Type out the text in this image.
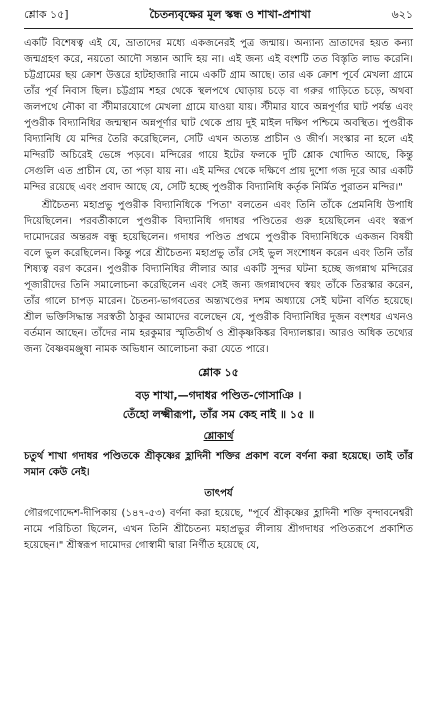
শ্লোক ১৫]	চৈতন্যবৃক্ষের মূল স্কন্ধ ও শাখা-প্রশাখা	৬২১

একটি বিশেষত্ব এই যে, ভ্রাতাদের মধ্যে একজনেরই পুত্র জন্মায়। অন্যান্য ভ্রাতাদের হয়ত কন্যা জন্মগ্রহণ করে, নয়তো আদৌ সন্তান আদি হয় না। এই জন্য এই বংশটি তত বিস্তৃতি লাভ করেনি। চট্টগ্রামের ছয় ক্রোশ উত্তরে হাটহাজারি নামে একটি গ্রাম আছে। তার এক ক্রোশ পূর্বে মেখলা গ্রামে তাঁর পূর্ব নিবাস ছিল। চট্টগ্রাম শহর থেকে স্থলপথে ঘোড়ায় চড়ে বা গরুর গাড়িতে চড়ে, অথবা জলপথে নৌকা বা স্টীমারযোগে মেখলা গ্রামে যাওয়া যায়। স্টীমার যাবে অন্নপূর্ণার ঘাট পর্যন্ত এবং পুণ্ডরীক বিদ্যানিধির জন্মস্থান অন্নপূর্ণার ঘাট থেকে প্রায় দুই মাইল দক্ষিণ পশ্চিমে অবস্থিত। পুণ্ডরীক বিদ্যানিধি যে মন্দির তৈরি করেছিলেন, সেটি এখন অত্যন্ত প্রাচীন ও জীর্ণ। সংস্কার না হলে এই মন্দিরটি অচিরেই ভেঙ্গে পড়বে। মন্দিরের গায়ে ইটের ফলকে দুটি শ্লোক খোদিত আছে, কিন্তু সেগুলি এত প্রাচীন যে, তা পড়া যায় না। এই মন্দির থেকে দক্ষিণে প্রায় দুশো গজ দূরে আর একটি মন্দির রয়েছে এবং প্রবাদ আছে যে, সেটি হচ্ছে পুণ্ডরীক বিদ্যানিধি কর্তৃক নির্মিত পুরাতন মন্দির।"

শ্রীচৈতন্য মহাপ্রভু পুণ্ডরীক বিদ্যানিধিকে 'পিতা' বলতেন এবং তিনি তাঁকে প্রেমনিধি উপাধি দিয়েছিলেন। পরবর্তীকালে পুণ্ডরীক বিদ্যানিধি গদাধর পণ্ডিতের গুরু হয়েছিলেন এবং স্বরূপ দামোদরের অন্তরঙ্গ বন্ধু হয়েছিলেন। গদাধর পণ্ডিত প্রথমে পুণ্ডরীক বিদ্যানিধিকে একজন বিষয়ী বলে ভুল করেছিলেন। কিন্তু পরে শ্রীচৈতন্য মহাপ্রভু তাঁর সেই ভুল সংশোধন করেন এবং তিনি তাঁর শিষ্যত্ব বরণ করেন। পুণ্ডরীক বিদ্যানিধির লীলার আর একটি সুন্দর ঘটনা হচ্ছে জগন্নাথ মন্দিরের পূজারীদের তিনি সমালোচনা করেছিলেন এবং সেই জন্য জগন্নাথদেব স্বয়ং তাঁকে তিরস্কার করেন, তাঁর গালে চাপড় মারেন। চৈতন্য-ভাগবতের অন্ত্যখণ্ডের দশম অধ্যায়ে সেই ঘটনা বর্ণিত হয়েছে। শ্রীল ভক্তিসিদ্ধান্ত সরস্বতী ঠাকুর আমাদের বলেছেন যে, পুণ্ডরীক বিদ্যানিধির দুজন বংশধর এখনও বর্তমান আছেন। তাঁদের নাম হরকুমার স্মৃতিতীর্থ ও শ্রীকৃষ্ণকিঙ্কর বিদ্যালঙ্কার। আরও অধিক তথ্যের জন্য বৈষ্ণবমঞ্জুষা নামক অভিধান আলোচনা করা যেতে পারে।

শ্লোক ১৫

বড় শাখা,—গদাধর পণ্ডিত-গোসাঞি ।

তেঁহো লক্ষ্মীরূপা, তাঁর সম কেহ নাই ॥ ১৫ ॥

শ্লোকার্থ

চতুর্থ শাখা গদাধর পণ্ডিতকে শ্রীকৃষ্ণের হ্লাদিনী শক্তির প্রকাশ বলে বর্ণনা করা হয়েছে। তাই তাঁর সমান কেউ নেই।

তাৎপর্য

গৌরগণোদ্দেশ-দীপিকায় (১৪৭-৫৩) বর্ণনা করা হয়েছে, "পূর্বে শ্রীকৃষ্ণের হ্লাদিনী শক্তি বৃন্দাবনেশ্বরী নামে পরিচিতা ছিলেন, এখন তিনি শ্রীচৈতন্য মহাপ্রভুর লীলায় শ্রীগদাধর পণ্ডিতরূপে প্রকাশিত হয়েছেন।" শ্রীস্বরূপ দামোদর গোস্বামী দ্বারা নির্ণীত হয়েছে যে,
